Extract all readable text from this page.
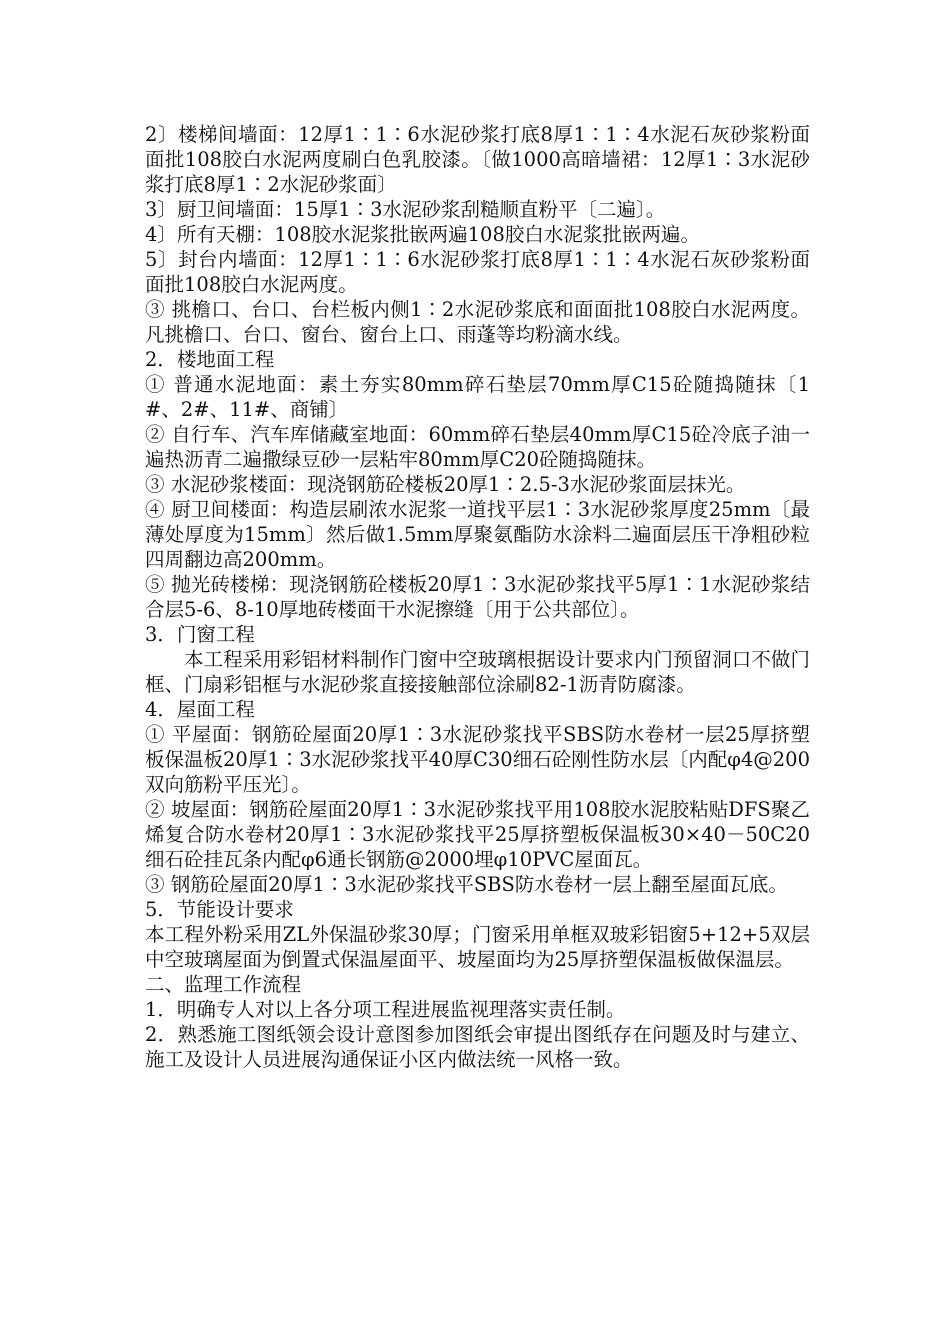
2〕楼梯间墙面：12厚1∶1∶6水泥砂浆打底8厚1∶1∶4水泥石灰砂浆粉面面批108胶白水泥两度刷白色乳胶漆。〔做1000高暗墙裙：12厚1∶3水泥砂浆打底8厚1∶2水泥砂浆面〕

3〕厨卫间墙面：15厚1∶3水泥砂浆刮糙顺直粉平〔二遍〕。

4〕所有天棚：108胶水泥浆批嵌两遍108胶白水泥浆批嵌两遍。

5〕封台内墙面：12厚1∶1∶6水泥砂浆打底8厚1∶1∶4水泥石灰砂浆粉面面批108胶白水泥两度。

③ 挑檐口、台口、台栏板内侧1∶2水泥砂浆底和面面批108胶白水泥两度。凡挑檐口、台口、窗台、窗台上口、雨蓬等均粉滴水线。

2．楼地面工程

① 普通水泥地面：素土夯实80mm碎石垫层70mm厚C15砼随捣随抹〔1#、2#、11#、商铺〕

② 自行车、汽车库储藏室地面：60mm碎石垫层40mm厚C15砼冷底子油一遍热沥青二遍撒绿豆砂一层粘牢80mm厚C20砼随捣随抹。

③ 水泥砂浆楼面：现浇钢筋砼楼板20厚1∶2.5-3水泥砂浆面层抹光。

④ 厨卫间楼面：构造层刷浓水泥浆一道找平层1∶3水泥砂浆厚度25mm〔最薄处厚度为15mm〕然后做1.5mm厚聚氨酯防水涂料二遍面层压干净粗砂粒四周翻边高200mm。

⑤ 抛光砖楼梯：现浇钢筋砼楼板20厚1∶3水泥砂浆找平5厚1∶1水泥砂浆结合层5-6、8-10厚地砖楼面干水泥擦缝〔用于公共部位〕。

3．门窗工程

本工程采用彩铝材料制作门窗中空玻璃根据设计要求内门预留洞口不做门框、门扇彩铝框与水泥砂浆直接接触部位涂刷82-1沥青防腐漆。

4．屋面工程

① 平屋面：钢筋砼屋面20厚1∶3水泥砂浆找平SBS防水卷材一层25厚挤塑板保温板20厚1∶3水泥砂浆找平40厚C30细石砼刚性防水层〔内配φ4@200双向筋粉平压光〕。

② 坡屋面：钢筋砼屋面20厚1∶3水泥砂浆找平用108胶水泥胶粘贴DFS聚乙烯复合防水卷材20厚1∶3水泥砂浆找平25厚挤塑板保温板30×40－50C20细石砼挂瓦条内配φ6通长钢筋@2000埋φ10PVC屋面瓦。

③ 钢筋砼屋面20厚1∶3水泥砂浆找平SBS防水卷材一层上翻至屋面瓦底。

5．节能设计要求

本工程外粉采用ZL外保温砂浆30厚；门窗采用单框双玻彩铝窗5+12+5双层中空玻璃屋面为倒置式保温屋面平、坡屋面均为25厚挤塑保温板做保温层。

二、监理工作流程

1．明确专人对以上各分项工程进展监视理落实责任制。

2．熟悉施工图纸领会设计意图参加图纸会审提出图纸存在问题及时与建立、施工及设计人员进展沟通保证小区内做法统一风格一致。
